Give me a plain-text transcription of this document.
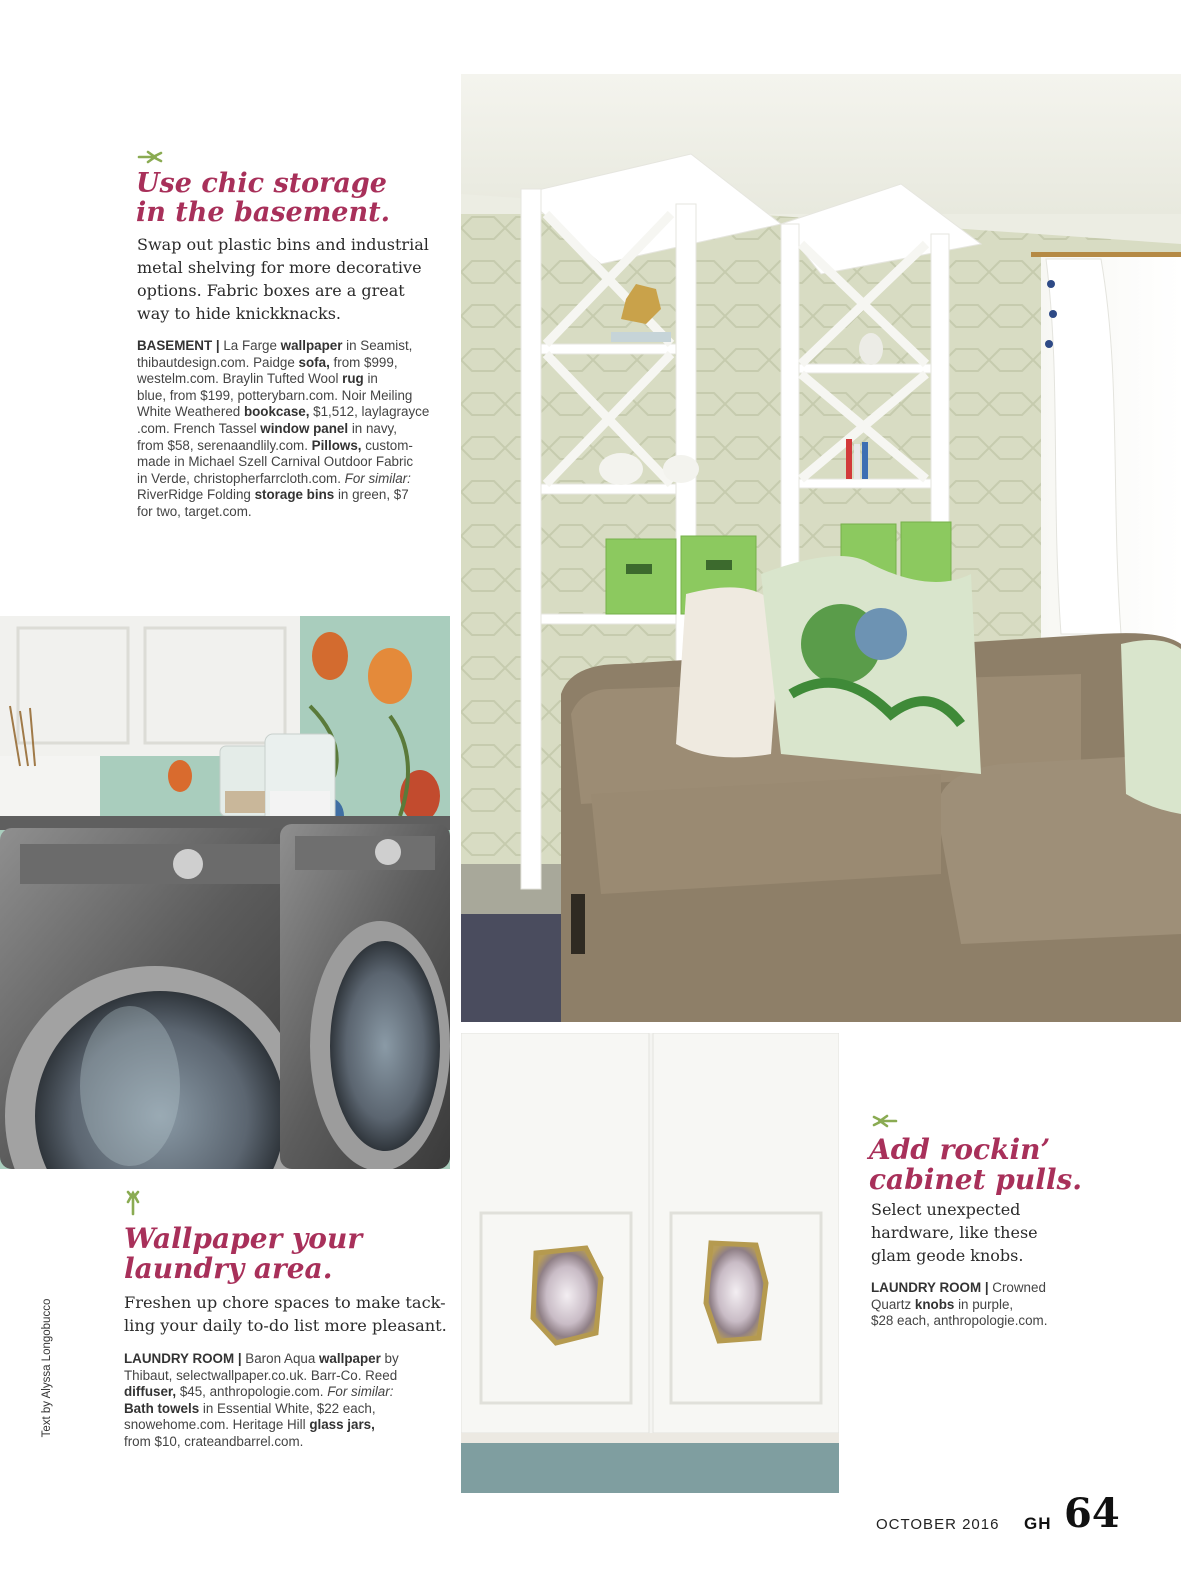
Use chic storage

in the basement.

Swap out plastic bins and industrial

metal shelving for more decorative

options. Fabric boxes are a great

way to hide knickknacks.

BASEMENT | La Farge wallpaper in Seamist,

thibautdesign.com. Paidge sofa, from $999,

westelm.com. Braylin Tufted Wool rug in

blue, from $199, potterybarn.com. Noir Meiling

White Weathered bookcase, $1,512, laylagrayce

.com. French Tassel window panel in navy,

from $58, serenaandlily.com. Pillows, custom-

made in Michael Szell Carnival Outdoor Fabric

in Verde, christopherfarrcloth.com. For similar:

RiverRidge Folding storage bins in green, $7

for two, target.com.

Wallpaper your

laundry area.

Freshen up chore spaces to make tack-

ling your daily to-do list more pleasant.

LAUNDRY ROOM | Baron Aqua wallpaper by

Thibaut, selectwallpaper.co.uk. Barr-Co. Reed

diffuser, $45, anthropologie.com. For similar:

Bath towels in Essential White, $22 each,

snowehome.com. Heritage Hill glass jars,

from $10, crateandbarrel.com.

Text by Alyssa Longobucco

Add rockin’

cabinet pulls.

Select unexpected

hardware, like these

glam geode knobs.

LAUNDRY ROOM | Crowned

Quartz knobs in purple,

$28 each, anthropologie.com.

OCTOBER 2016 GH 64
